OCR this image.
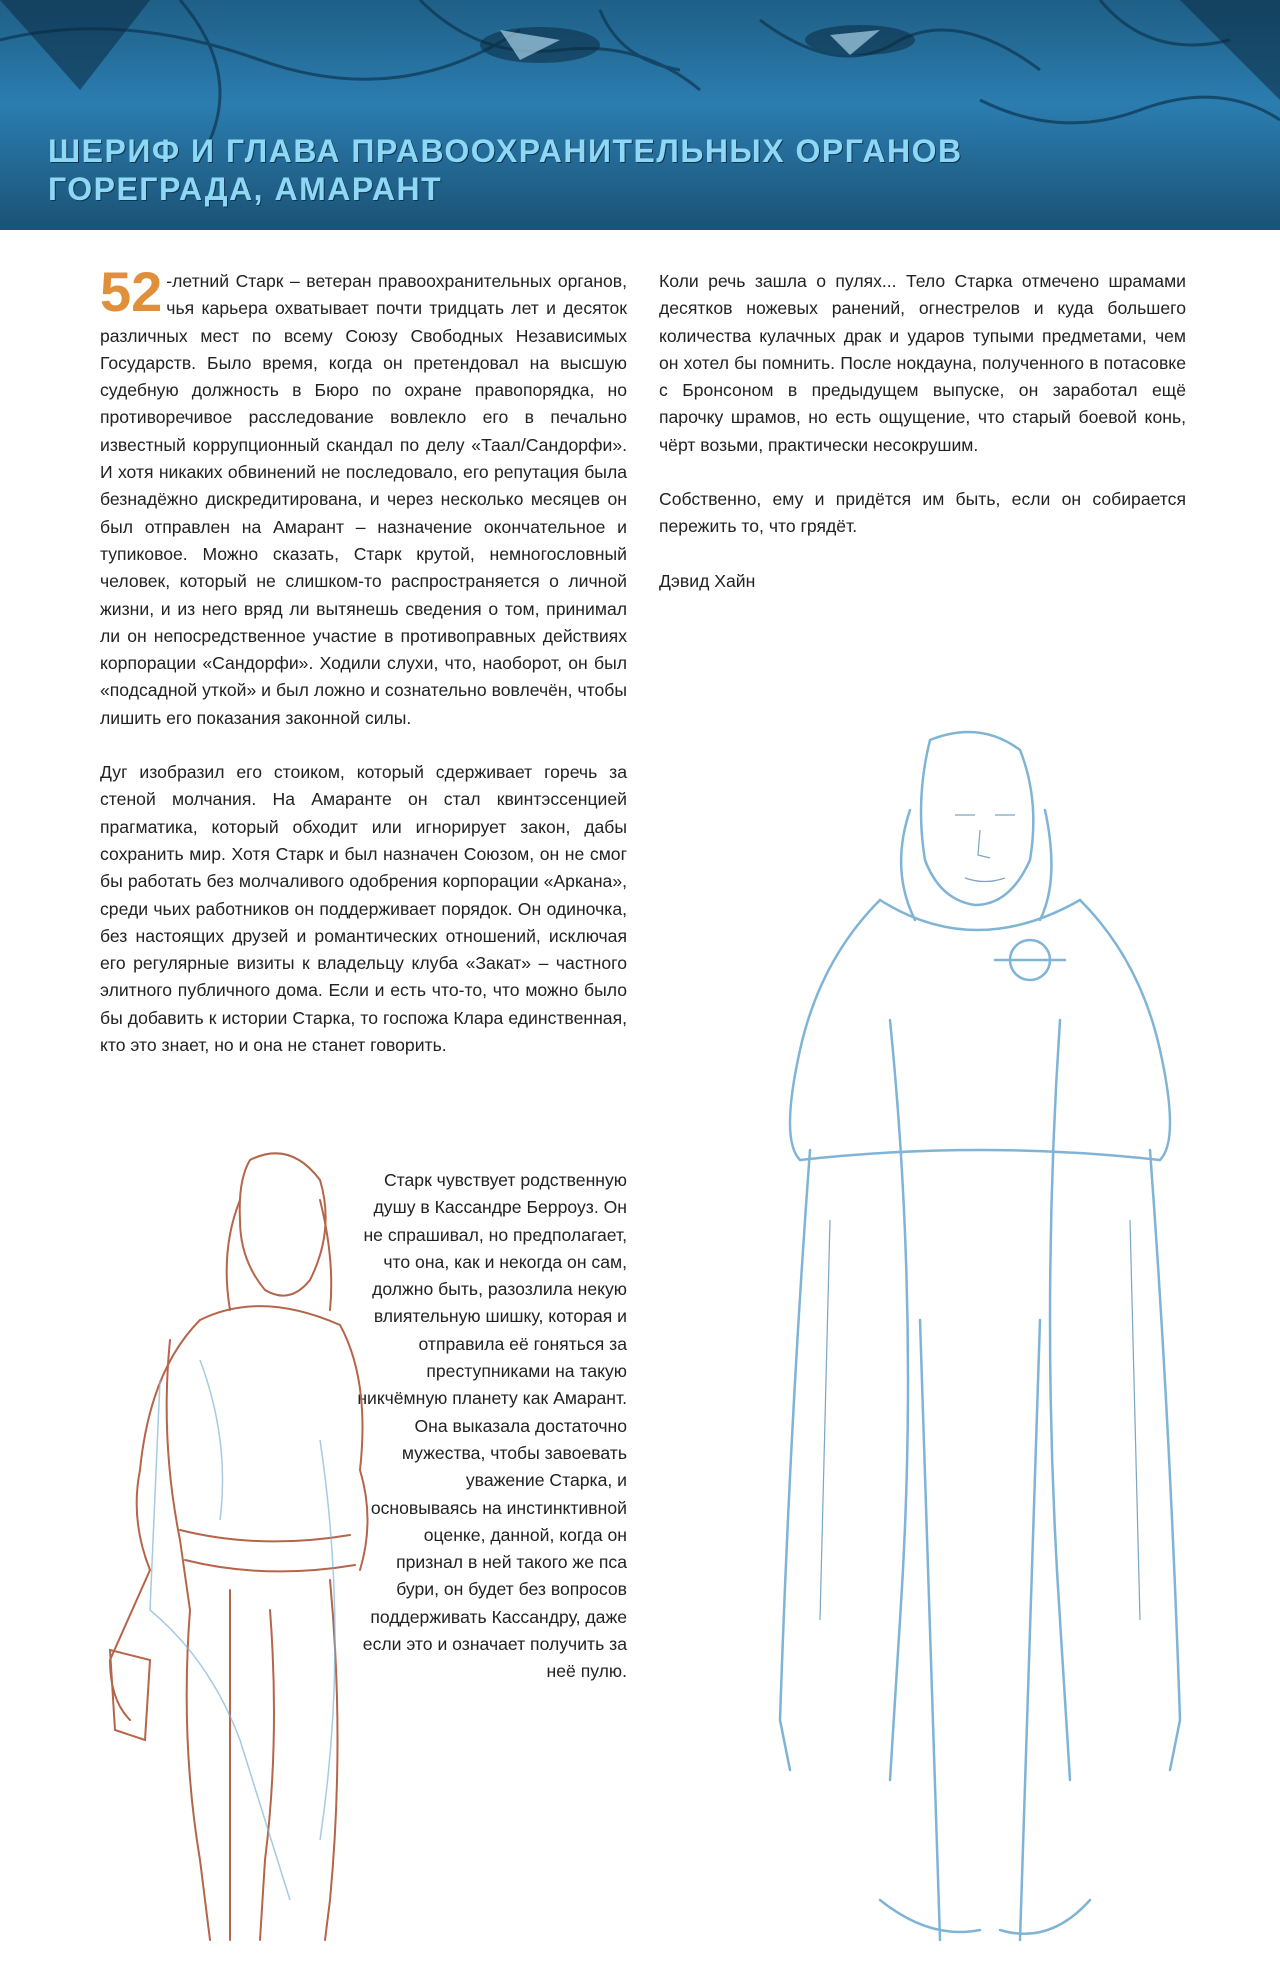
ШЕРИФ И ГЛАВА ПРАВООХРАНИТЕЛЬНЫХ ОРГАНОВ
ГОРЕГРАДА, АМАРАНТ

52 -летний Старк – ветеран правоохранительных органов, чья карьера охватывает почти тридцать лет и десяток различных мест по всему Союзу Свободных Независимых Государств. Было время, когда он претендовал на высшую судебную должность в Бюро по охране правопорядка, но противоречивое расследование вовлекло его в печально известный коррупционный скандал по делу «Таал/Сандорфи». И хотя никаких обвинений не последовало, его репутация была безнадёжно дискредитирована, и через несколько месяцев он был отправлен на Амарант – назначение окончательное и тупиковое. Можно сказать, Старк крутой, немногословный человек, который не слишком-то распространяется о личной жизни, и из него вряд ли вытянешь сведения о том, принимал ли он непосредственное участие в противоправных действиях корпорации «Сандорфи». Ходили слухи, что, наоборот, он был «подсадной уткой» и был ложно и сознательно вовлечён, чтобы лишить его показания законной силы.

Дуг изобразил его стоиком, который сдерживает горечь за стеной молчания. На Амаранте он стал квинтэссенцией прагматика, который обходит или игнорирует закон, дабы сохранить мир. Хотя Старк и был назначен Союзом, он не смог бы работать без молчаливого одобрения корпорации «Аркана», среди чьих работников он поддерживает порядок. Он одиночка, без настоящих друзей и романтических отношений, исключая его регулярные визиты к владельцу клуба «Закат» – частного элитного публичного дома. Если и есть что-то, что можно было бы добавить к истории Старка, то госпожа Клара единственная, кто это знает, но и она не станет говорить.

Коли речь зашла о пулях... Тело Старка отмечено шрамами десятков ножевых ранений, огнестрелов и куда большего количества кулачных драк и ударов тупыми предметами, чем он хотел бы помнить. После нокдауна, полученного в потасовке с Бронсоном в предыдущем выпуске, он заработал ещё парочку шрамов, но есть ощущение, что старый боевой конь, чёрт возьми, практически несокрушим.

Собственно, ему и придётся им быть, если он собирается пережить то, что грядёт.

Дэвид Хайн

Старк чувствует родственную душу в Кассандре Берроуз. Он не спрашивал, но предполагает, что она, как и некогда он сам, должно быть, разозлила некую влиятельную шишку, которая и отправила её гоняться за преступниками на такую никчёмную планету как Амарант. Она выказала достаточно мужества, чтобы завоевать уважение Старка, и основываясь на инстинктивной оценке, данной, когда он признал в ней такого же пса бури, он будет без вопросов поддерживать Кассандру, даже если это и означает получить за неё пулю.
